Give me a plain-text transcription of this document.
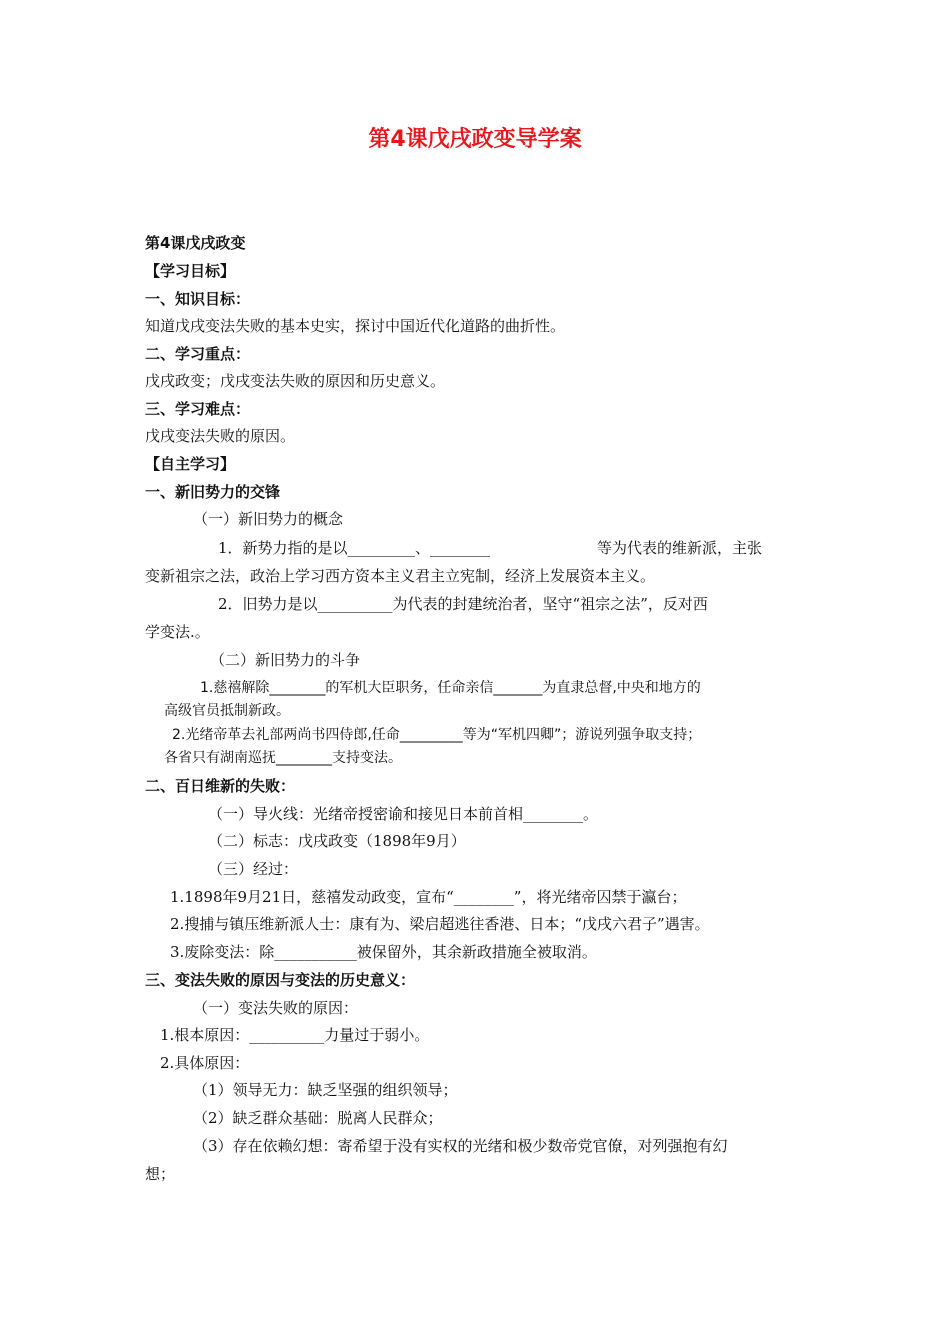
第4课戊戌政变导学案
第4课戊戌政变
【学习目标】
一、知识目标：
知道戊戌变法失败的基本史实，探讨中国近代化道路的曲折性。
二、学习重点：
戊戌政变；戊戌变法失败的原因和历史意义。
三、学习难点：
戊戌变法失败的原因。
【自主学习】
一、新旧势力的交锋
（一）新旧势力的概念
1．新势力指的是以_________、________	等为代表的维新派，主张
变新祖宗之法，政治上学习西方资本主义君主立宪制，经济上发展资本主义。
2．旧势力是以__________为代表的封建统治者，坚守“祖宗之法”，反对西
学变法.。
（二）新旧势力的斗争
1.慈禧解除________的军机大臣职务，任命亲信_______为直隶总督,中央和地方的
高级官员抵制新政。
2.光绪帝革去礼部两尚书四侍郎,任命_________等为“军机四卿”；游说列强争取支持；
各省只有湖南巡抚________支持变法。
二、百日维新的失败：
（一）导火线：光绪帝授密谕和接见日本前首相________。
（二）标志：戊戌政变（1898年9月）
（三）经过：
1.1898年9月21日，慈禧发动政变，宣布“________”，将光绪帝囚禁于瀛台；
2.搜捕与镇压维新派人士：康有为、梁启超逃往香港、日本；“戊戌六君子”遇害。
3.废除变法：除___________被保留外，其余新政措施全被取消。
三、变法失败的原因与变法的历史意义：
（一）变法失败的原因：
1.根本原因：__________力量过于弱小。
2.具体原因：
（1）领导无力：缺乏坚强的组织领导；
（2）缺乏群众基础：脱离人民群众；
（3）存在依赖幻想：寄希望于没有实权的光绪和极少数帝党官僚，对列强抱有幻
想；
